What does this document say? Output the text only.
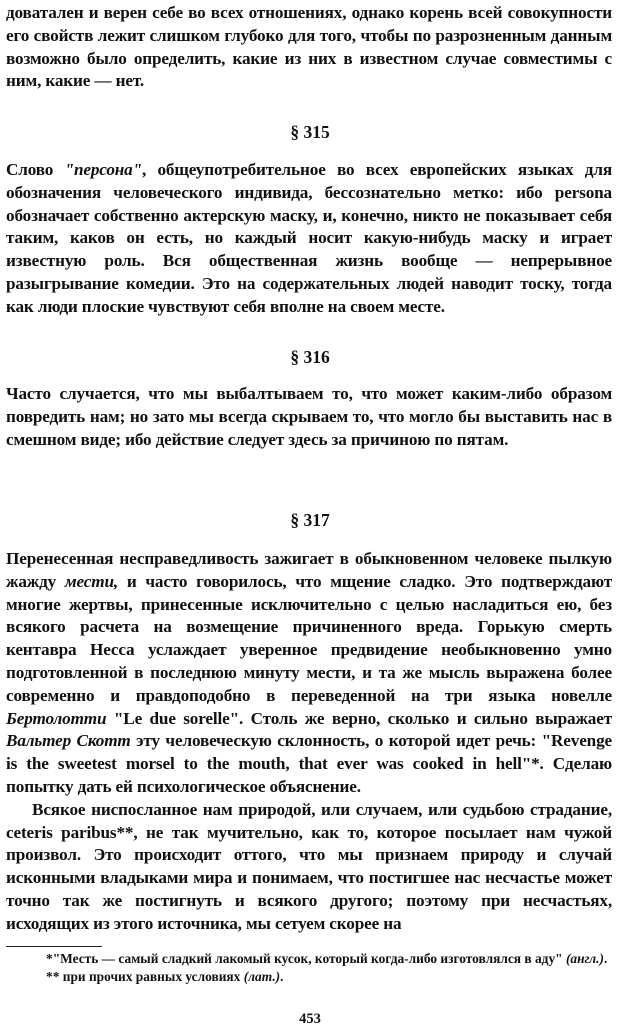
доватален и верен себе во всех отношениях, однако корень всей совокупности его свойств лежит слишком глубоко для того, чтобы по разрозненным данным возможно было определить, какие из них в известном случае совместимы с ним, какие — нет.

§ 315

Слово "персона", общеупотребительное во всех европейских языках для обозначения человеческого индивида, бессознательно метко: ибо persona обозначает собственно актерскую маску, и, конечно, никто не показывает себя таким, каков он есть, но каждый носит какую-нибудь маску и играет известную роль. Вся общественная жизнь вообще — непрерывное разыгрывание комедии. Это на содержательных людей наводит тоску, тогда как люди плоские чувствуют себя вполне на своем месте.

§ 316

Часто случается, что мы выбалтываем то, что может каким-либо образом повредить нам; но зато мы всегда скрываем то, что могло бы выставить нас в смешном виде; ибо действие следует здесь за причиною по пятам.

§ 317

Перенесенная несправедливость зажигает в обыкновенном человеке пылкую жажду мести, и часто говорилось, что мщение сладко. Это подтверждают многие жертвы, принесенные исключительно с целью насладиться ею, без всякого расчета на возмещение причиненного вреда. Горькую смерть кентавра Несса услаждает уверенное предвидение необыкновенно умно подготовленной в последнюю минуту мести, и та же мысль выражена более современно и правдоподобно в переведенной на три языка новелле Бертолотти "Le due sorelle". Столь же верно, сколько и сильно выражает Вальтер Скотт эту человеческую склонность, о которой идет речь: "Revenge is the sweetest morsel to the mouth, that ever was cooked in hell"*. Сделаю попытку дать ей психологическое объяснение.

Всякое ниспосланное нам природой, или случаем, или судьбою страдание, ceteris paribus**, не так мучительно, как то, которое посылает нам чужой произвол. Это происходит оттого, что мы признаем природу и случай исконными владыками мира и понимаем, что постигшее нас несчастье может точно так же постигнуть и всякого другого; поэтому при несчастьях, исходящих из этого источника, мы сетуем скорее на

*"Месть — самый сладкий лакомый кусок, который когда-либо изготовлялся в аду" (англ.).

** при прочих равных условиях (лат.).

453
